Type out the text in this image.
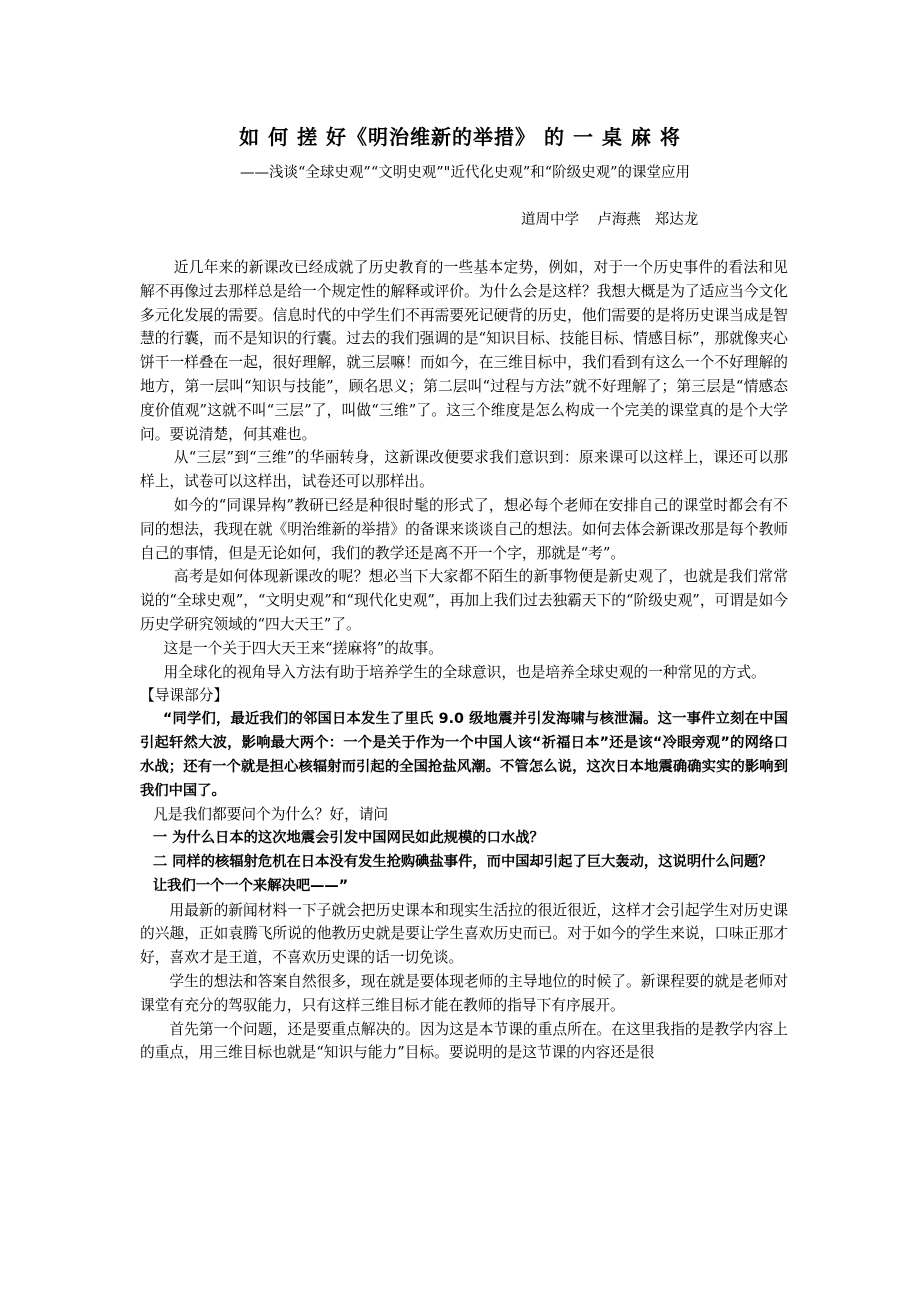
如 何 搓 好《明治维新的举措》 的 一 桌 麻 将
——浅谈“全球史观”“文明史观”"近代化史观”和“阶级史观”的课堂应用
道周中学    卢海燕   郑达龙

近几年来的新课改已经成就了历史教育的一些基本定势，例如，对于一个历史事件的看法和见解不再像过去那样总是给一个规定性的解释或评价。为什么会是这样？我想大概是为了适应当今文化多元化发展的需要。信息时代的中学生们不再需要死记硬背的历史，他们需要的是将历史课当成是智慧的行囊，而不是知识的行囊。过去的我们强调的是“知识目标、技能目标、情感目标”，那就像夹心饼干一样叠在一起，很好理解，就三层嘛！而如今，在三维目标中，我们看到有这么一个不好理解的地方，第一层叫“知识与技能”，顾名思义；第二层叫“过程与方法”就不好理解了；第三层是“情感态度价值观”这就不叫“三层”了，叫做“三维”了。这三个维度是怎么构成一个完美的课堂真的是个大学问。要说清楚，何其难也。

从“三层”到“三维”的华丽转身，这新课改便要求我们意识到：原来课可以这样上，课还可以那样上，试卷可以这样出，试卷还可以那样出。

如今的“同课异构”教研已经是种很时髦的形式了，想必每个老师在安排自己的课堂时都会有不同的想法，我现在就《明治维新的举措》的备课来谈谈自己的想法。如何去体会新课改那是每个教师自己的事情，但是无论如何，我们的教学还是离不开一个字，那就是“考”。

高考是如何体现新课改的呢？想必当下大家都不陌生的新事物便是新史观了，也就是我们常常说的“全球史观”，“文明史观”和“现代化史观”，再加上我们过去独霸天下的“阶级史观”，可谓是如今历史学研究领域的“四大天王”了。

这是一个关于四大天王来“搓麻将”的故事。

用全球化的视角导入方法有助于培养学生的全球意识，也是培养全球史观的一种常见的方式。

【导课部分】

“同学们，最近我们的邻国日本发生了里氏 9.0 级地震并引发海啸与核泄漏。这一事件立刻在中国引起轩然大波，影响最大两个：一个是关于作为一个中国人该“祈福日本”还是该“冷眼旁观”的网络口水战；还有一个就是担心核辐射而引起的全国抢盐风潮。不管怎么说，这次日本地震确确实实的影响到我们中国了。

凡是我们都要问个为什么？好，请问

一 为什么日本的这次地震会引发中国网民如此规模的口水战？

二 同样的核辐射危机在日本没有发生抢购碘盐事件，而中国却引起了巨大轰动，这说明什么问题？

让我们一个一个来解决吧——”

用最新的新闻材料一下子就会把历史课本和现实生活拉的很近很近，这样才会引起学生对历史课的兴趣，正如袁腾飞所说的他教历史就是要让学生喜欢历史而已。对于如今的学生来说，口味正那才好，喜欢才是王道，不喜欢历史课的话一切免谈。

学生的想法和答案自然很多，现在就是要体现老师的主导地位的时候了。新课程要的就是老师对课堂有充分的驾驭能力，只有这样三维目标才能在教师的指导下有序展开。

首先第一个问题，还是要重点解决的。因为这是本节课的重点所在。在这里我指的是教学内容上的重点，用三维目标也就是“知识与能力”目标。要说明的是这节课的内容还是很
